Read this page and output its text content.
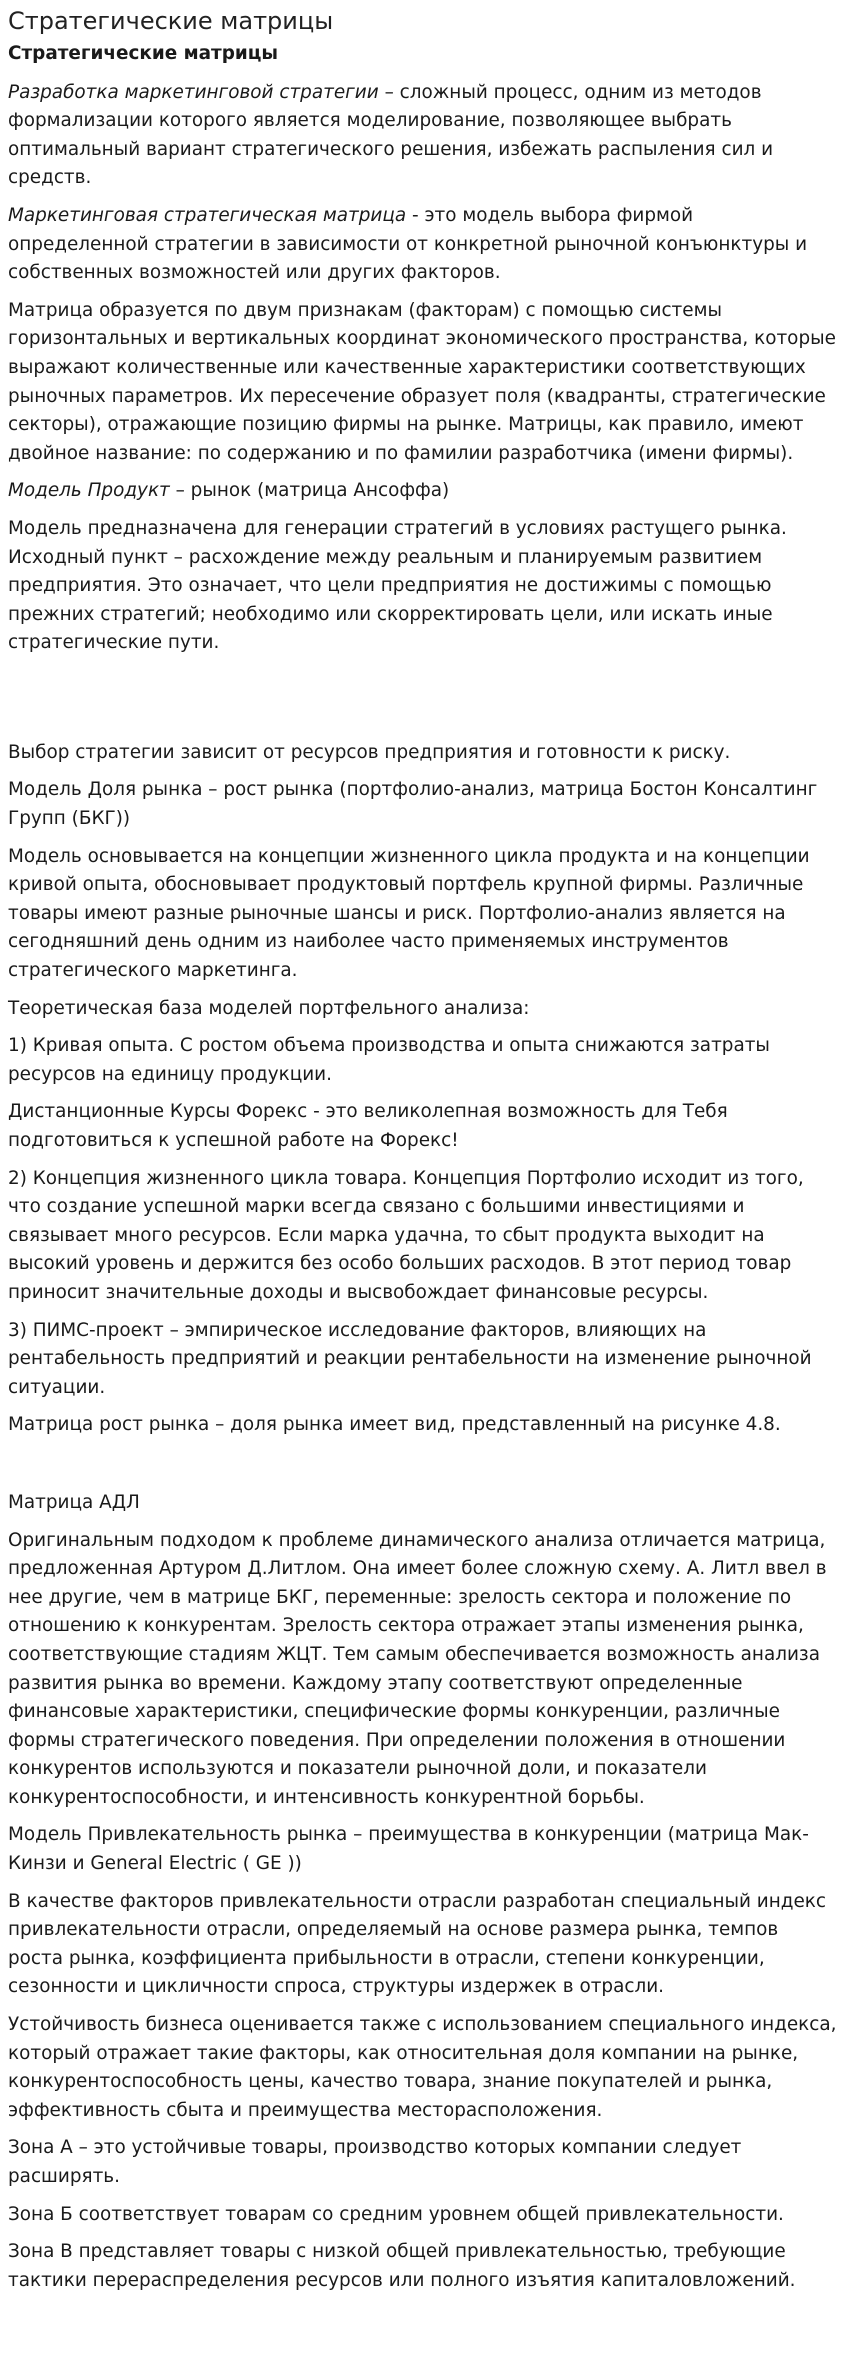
Стратегические матрицы
Стратегические матрицы

Разработка маркетинговой стратегии – сложный процесс, одним из методов формализации которого является моделирование, позволяющее выбрать оптимальный вариант стратегического решения, избежать распыления сил и средств.

Маркетинговая стратегическая матрица - это модель выбора фирмой определенной стратегии в зависимости от конкретной рыночной конъюнктуры и собственных возможностей или других факторов.

Матрица образуется по двум признакам (факторам) с помощью системы горизонтальных и вертикальных координат экономического пространства, которые выражают количественные или качественные характеристики соответствующих рыночных параметров. Их пересечение образует поля (квадранты, стратегические секторы), отражающие позицию фирмы на рынке. Матрицы, как правило, имеют двойное название: по содержанию и по фамилии разработчика (имени фирмы).

Модель Продукт – рынок (матрица Ансоффа)

Модель предназначена для генерации стратегий в условиях растущего рынка. Исходный пункт – расхождение между реальным и планируемым развитием предприятия. Это означает, что цели предприятия не достижимы с помощью прежних стратегий; необходимо или скорректировать цели, или искать иные стратегические пути.

Выбор стратегии зависит от ресурсов предприятия и готовности к риску.

Модель Доля рынка – рост рынка (портфолио-анализ, матрица Бостон Консалтинг Групп (БКГ))

Модель основывается на концепции жизненного цикла продукта и на концепции кривой опыта, обосновывает продуктовый портфель крупной фирмы. Различные товары имеют разные рыночные шансы и риск. Портфолио-анализ является на сегодняшний день одним из наиболее часто применяемых инструментов стратегического маркетинга.

Теоретическая база моделей портфельного анализа:

1) Кривая опыта. С ростом объема производства и опыта снижаются затраты ресурсов на единицу продукции.

Дистанционные Курсы Форекс - это великолепная возможность для Тебя подготовиться к успешной работе на Форекс!

2) Концепция жизненного цикла товара. Концепция Портфолио исходит из того, что создание успешной марки всегда связано с большими инвестициями и связывает много ресурсов. Если марка удачна, то сбыт продукта выходит на высокий уровень и держится без особо больших расходов. В этот период товар приносит значительные доходы и высвобождает финансовые ресурсы.

3) ПИМС-проект – эмпирическое исследование факторов, влияющих на рентабельность предприятий и реакции рентабельности на изменение рыночной ситуации.

Матрица рост рынка – доля рынка имеет вид, представленный на рисунке 4.8.

Матрица АДЛ

Оригинальным подходом к проблеме динамического анализа отличается матрица, предложенная Артуром Д.Литлом. Она имеет более сложную схему. А. Литл ввел в нее другие, чем в матрице БКГ, переменные: зрелость сектора и положение по отношению к конкурентам. Зрелость сектора отражает этапы изменения рынка, соответствующие стадиям ЖЦТ. Тем самым обеспечивается возможность анализа развития рынка во времени. Каждому этапу соответствуют определенные финансовые характеристики, специфические формы конкуренции, различные формы стратегического поведения. При определении положения в отношении конкурентов используются и показатели рыночной доли, и показатели конкурентоспособности, и интенсивность конкурентной борьбы.

Модель Привлекательность рынка – преимущества в конкуренции (матрица Мак-Кинзи и General Electric ( GE ))

В качестве факторов привлекательности отрасли разработан специальный индекс привлекательности отрасли, определяемый на основе размера рынка, темпов роста рынка, коэффициента прибыльности в отрасли, степени конкуренции, сезонности и цикличности спроса, структуры издержек в отрасли.

Устойчивость бизнеса оценивается также с использованием специального индекса, который отражает такие факторы, как относительная доля компании на рынке, конкурентоспособность цены, качество товара, знание покупателей и рынка, эффективность сбыта и преимущества месторасположения.

Зона А – это устойчивые товары, производство которых компании следует расширять.

Зона Б соответствует товарам со средним уровнем общей привлекательности.

Зона В представляет товары с низкой общей привлекательностью, требующие тактики перераспределения ресурсов или полного изъятия капиталовложений.
